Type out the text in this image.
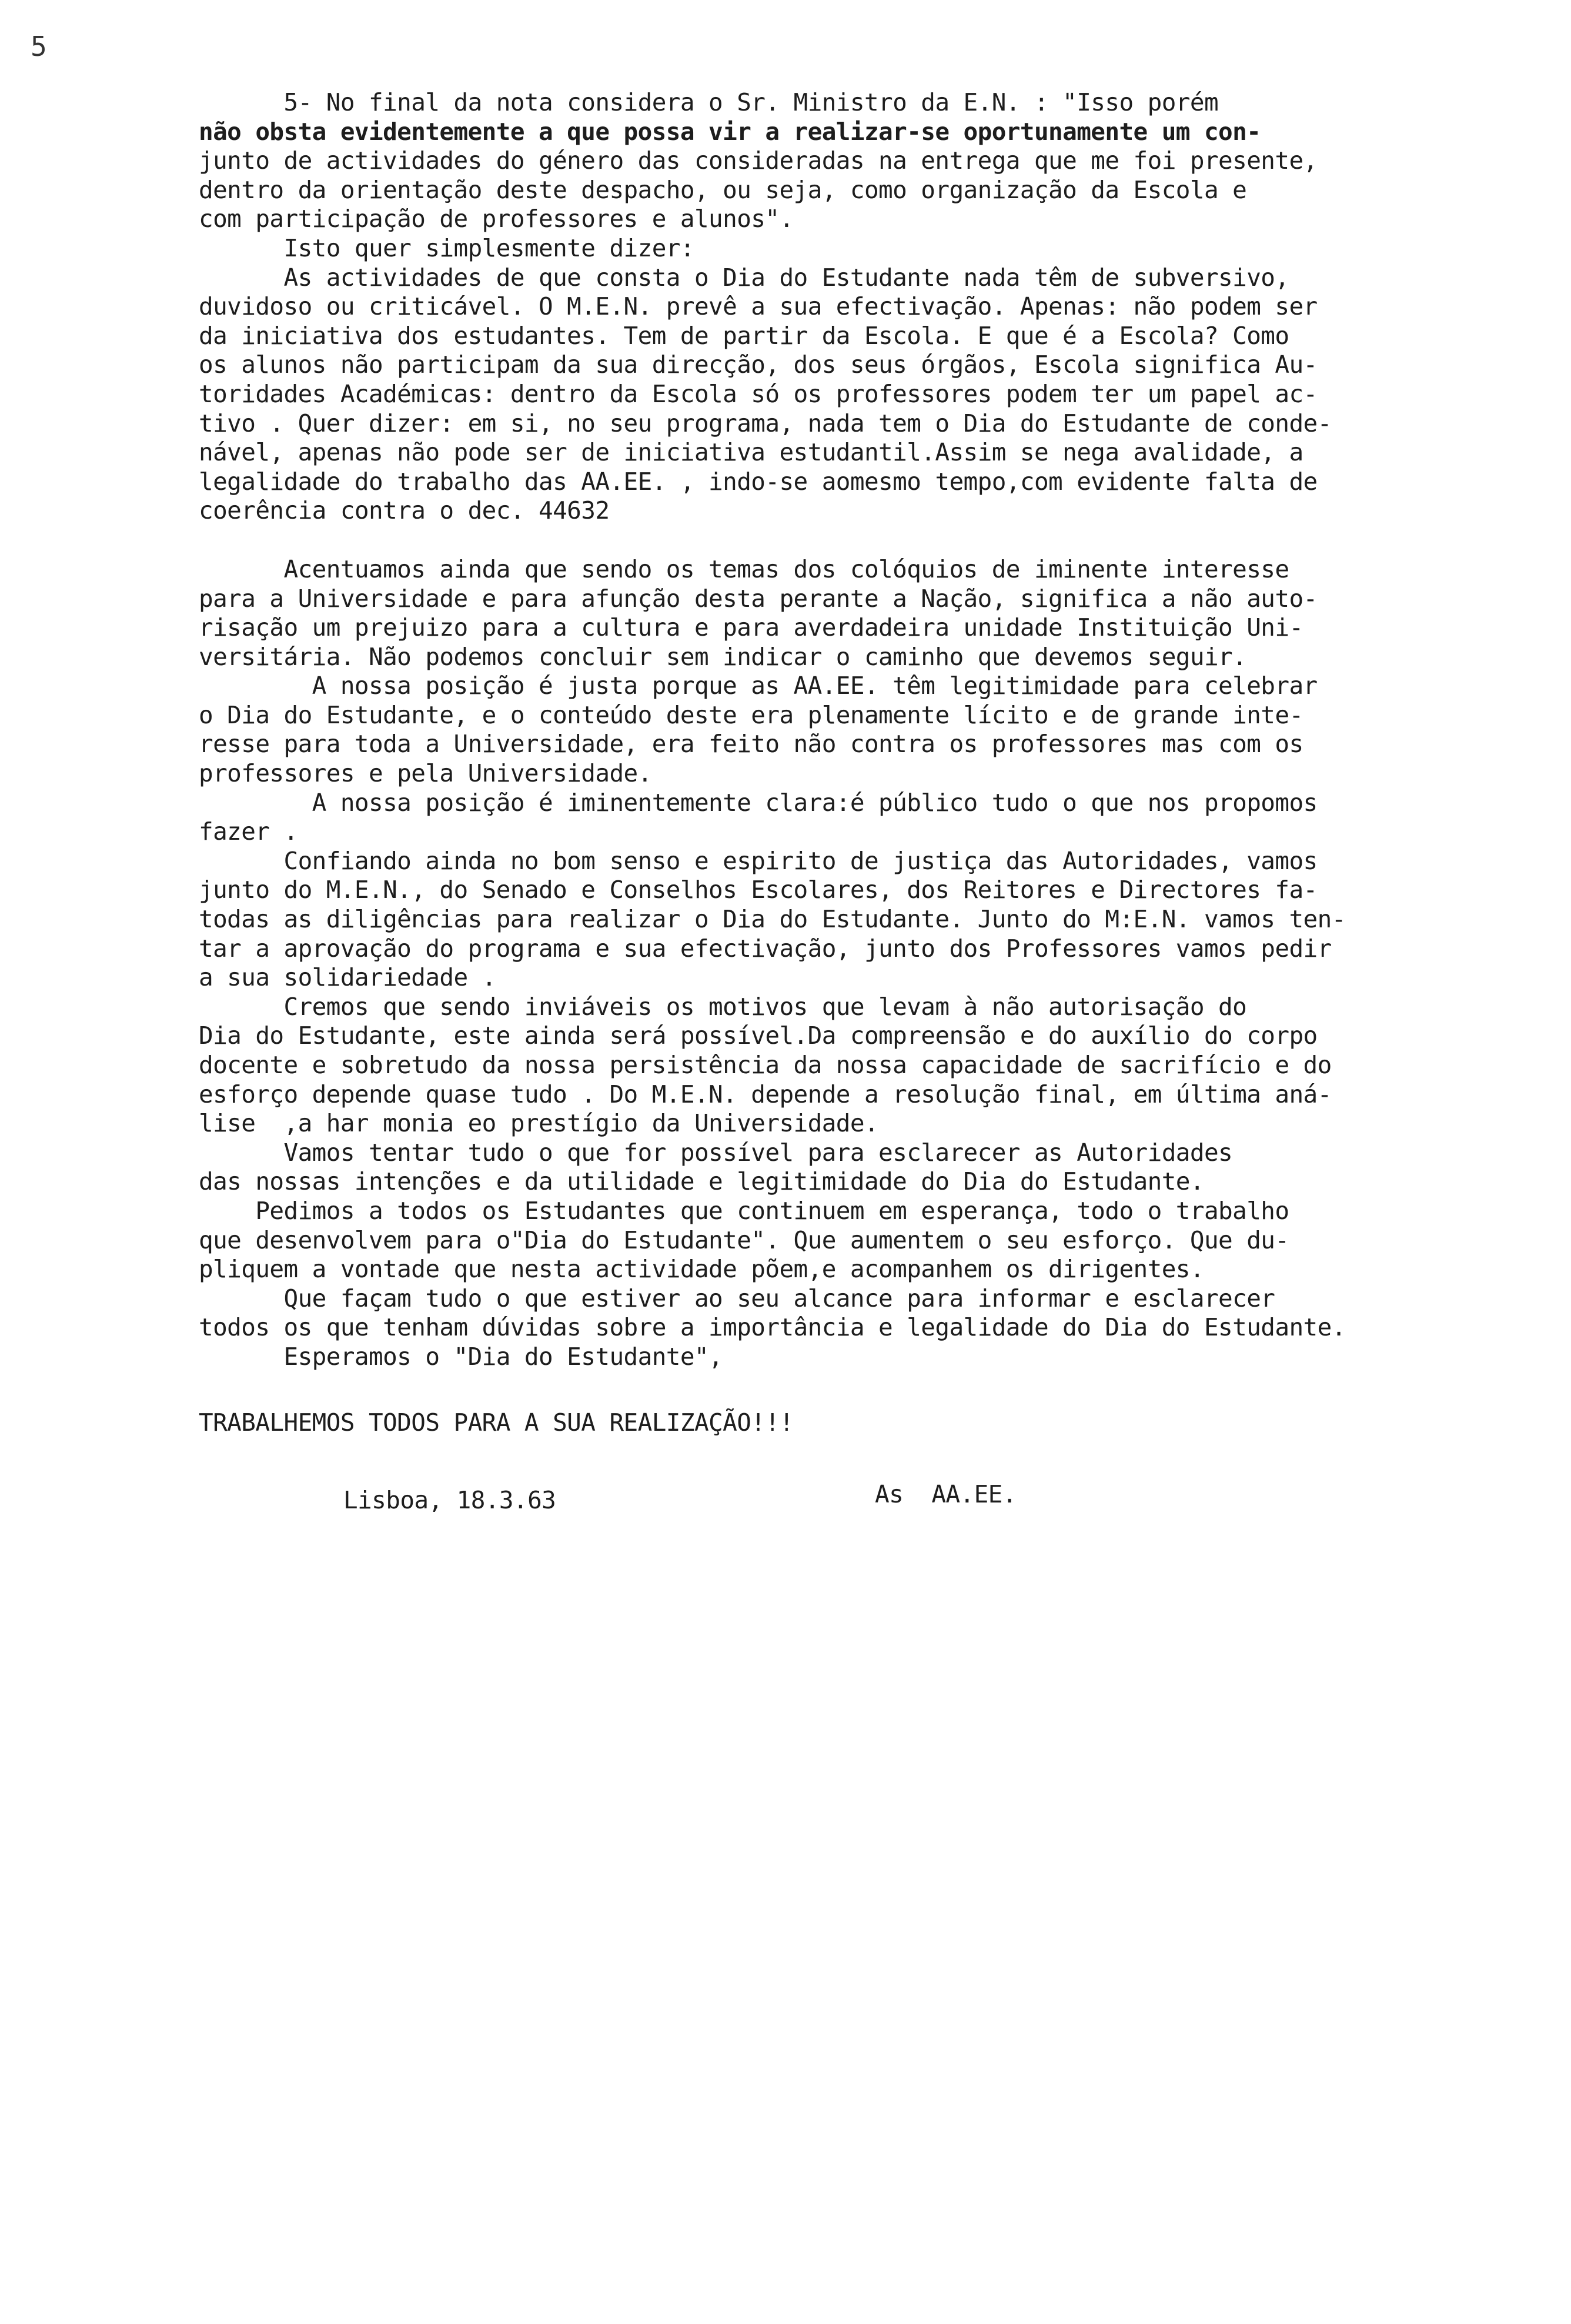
5
5- No final da nota considera o Sr. Ministro da E.N. : "Isso porém
não obsta evidentemente a que possa vir a realizar-se oportunamente um con-
junto de actividades do género das consideradas na entrega que me foi presente,
dentro da orientação deste despacho, ou seja, como organização da Escola e
com participação de professores e alunos".
Isto quer simplesmente dizer:
As actividades de que consta o Dia do Estudante nada têm de subversivo,
duvidoso ou criticável. O M.E.N. prevê a sua efectivação. Apenas: não podem ser
da iniciativa dos estudantes. Tem de partir da Escola. E que é a Escola? Como
os alunos não participam da sua direcção, dos seus órgãos, Escola significa Au-
toridades Académicas: dentro da Escola só os professores podem ter um papel ac-
tivo . Quer dizer: em si, no seu programa, nada tem o Dia do Estudante de conde-
nável, apenas não pode ser de iniciativa estudantil.Assim se nega avalidade, a
legalidade do trabalho das AA.EE. , indo-se aomesmo tempo,com evidente falta de
coerência contra o dec. 44632
Acentuamos ainda que sendo os temas dos colóquios de iminente interesse
para a Universidade e para afunção desta perante a Nação, significa a não auto-
risação um prejuizo para a cultura e para averdadeira unidade Instituição Uni-
versitária. Não podemos concluir sem indicar o caminho que devemos seguir.
A nossa posição é justa porque as AA.EE. têm legitimidade para celebrar
o Dia do Estudante, e o conteúdo deste era plenamente lícito e de grande inte-
resse para toda a Universidade, era feito não contra os professores mas com os
professores e pela Universidade.
A nossa posição é iminentemente clara:é público tudo o que nos propomos
fazer .
Confiando ainda no bom senso e espirito de justiça das Autoridades, vamos
junto do M.E.N., do Senado e Conselhos Escolares, dos Reitores e Directores fa-
todas as diligências para realizar o Dia do Estudante. Junto do M:E.N. vamos ten-
tar a aprovação do programa e sua efectivação, junto dos Professores vamos pedir
a sua solidariedade .
Cremos que sendo inviáveis os motivos que levam à não autorisação do
Dia do Estudante, este ainda será possível.Da compreensão e do auxílio do corpo
docente e sobretudo da nossa persistência da nossa capacidade de sacrifício e do
esforço depende quase tudo . Do M.E.N. depende a resolução final, em última aná-
lise  ,a har monia eo prestígio da Universidade.
Vamos tentar tudo o que for possível para esclarecer as Autoridades
das nossas intenções e da utilidade e legitimidade do Dia do Estudante.
Pedimos a todos os Estudantes que continuem em esperança, todo o trabalho
que desenvolvem para o"Dia do Estudante". Que aumentem o seu esforço. Que du-
pliquem a vontade que nesta actividade põem,e acompanhem os dirigentes.
Que façam tudo o que estiver ao seu alcance para informar e esclarecer
todos os que tenham dúvidas sobre a importância e legalidade do Dia do Estudante.
Esperamos o "Dia do Estudante",
TRABALHEMOS TODOS PARA A SUA REALIZAÇÃO!!!
Lisboa, 18.3.63	As  AA.EE.
